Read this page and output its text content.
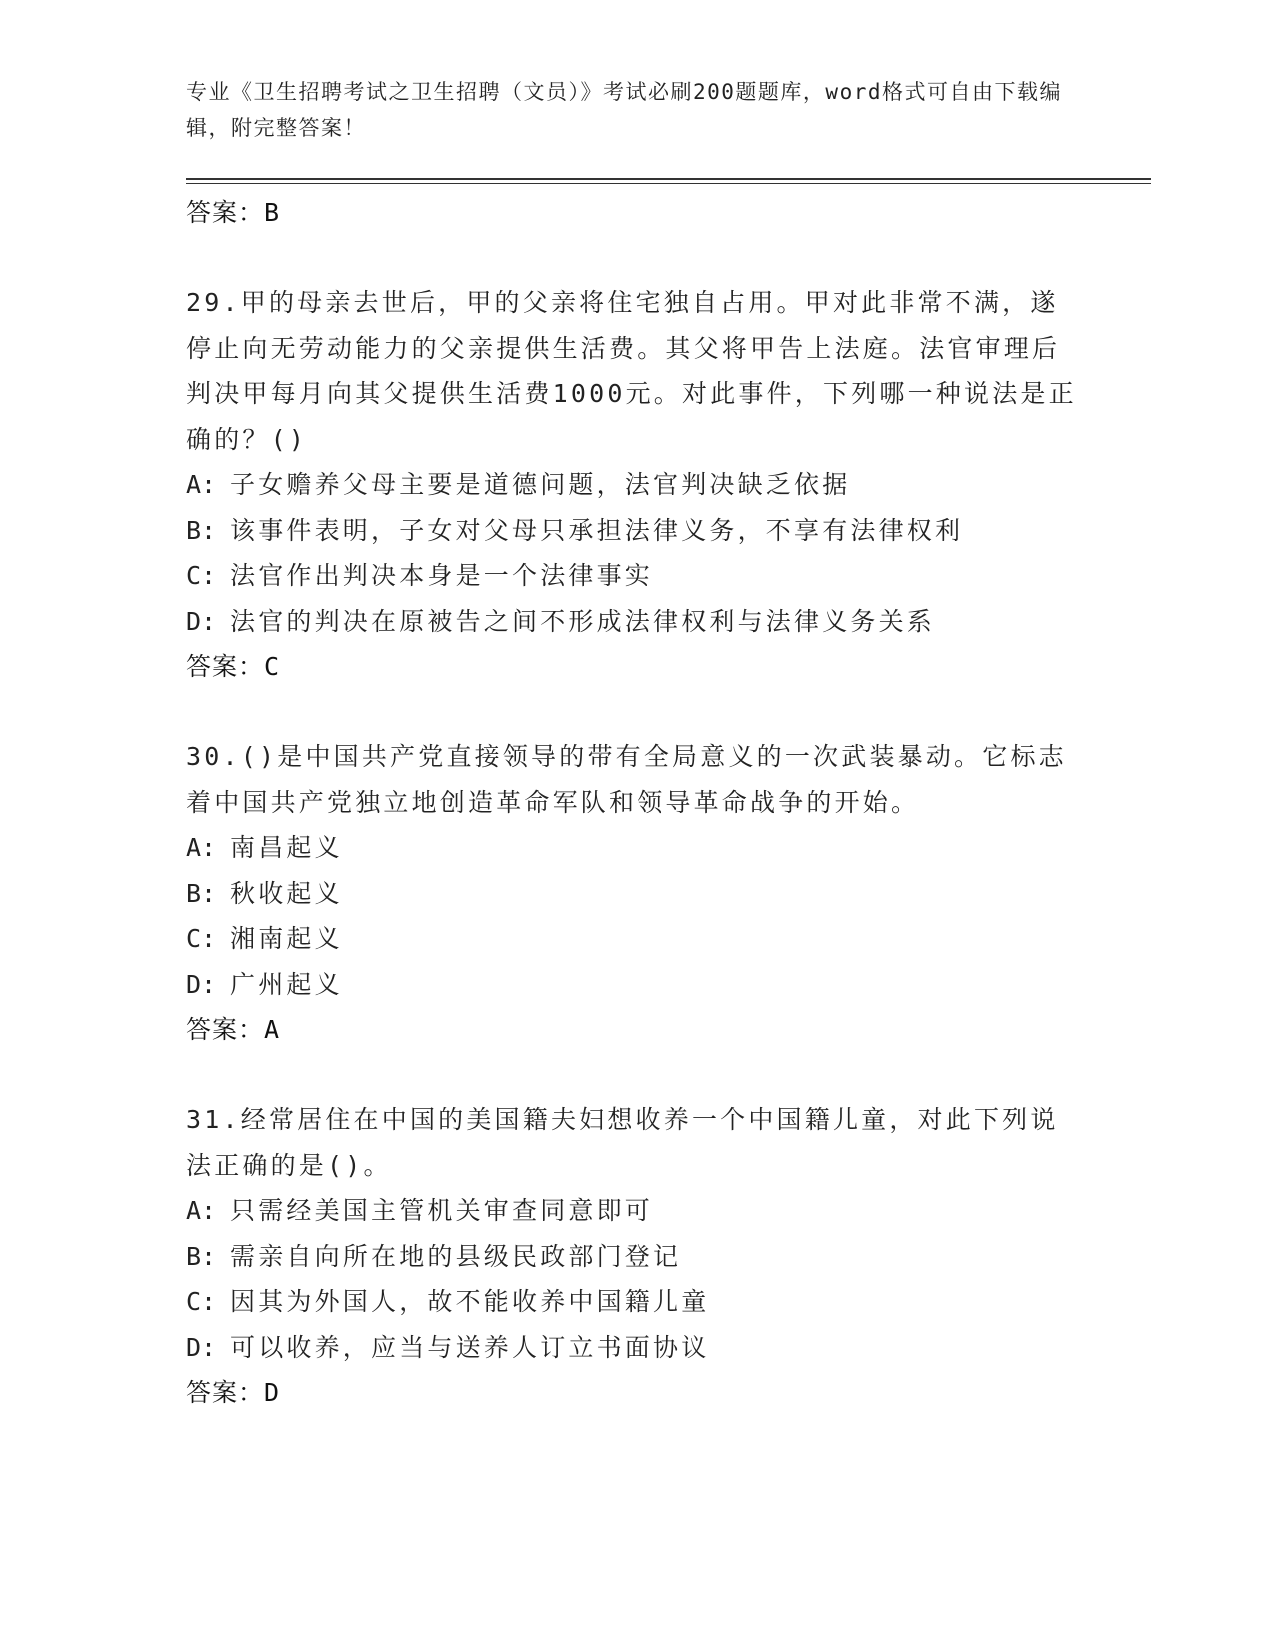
专业《卫生招聘考试之卫生招聘（文员）》考试必刷200题题库，word格式可自由下载编辑，附完整答案！
答案：B
29.甲的母亲去世后，甲的父亲将住宅独自占用。甲对此非常不满，遂停止向无劳动能力的父亲提供生活费。其父将甲告上法庭。法官审理后判决甲每月向其父提供生活费1000元。对此事件，下列哪一种说法是正确的？()
A: 子女赡养父母主要是道德问题，法官判决缺乏依据
B: 该事件表明，子女对父母只承担法律义务，不享有法律权利
C: 法官作出判决本身是一个法律事实
D: 法官的判决在原被告之间不形成法律权利与法律义务关系
答案：C
30.()是中国共产党直接领导的带有全局意义的一次武装暴动。它标志着中国共产党独立地创造革命军队和领导革命战争的开始。
A: 南昌起义
B: 秋收起义
C: 湘南起义
D: 广州起义
答案：A
31.经常居住在中国的美国籍夫妇想收养一个中国籍儿童，对此下列说法正确的是()。
A: 只需经美国主管机关审查同意即可
B: 需亲自向所在地的县级民政部门登记
C: 因其为外国人，故不能收养中国籍儿童
D: 可以收养，应当与送养人订立书面协议
答案：D
